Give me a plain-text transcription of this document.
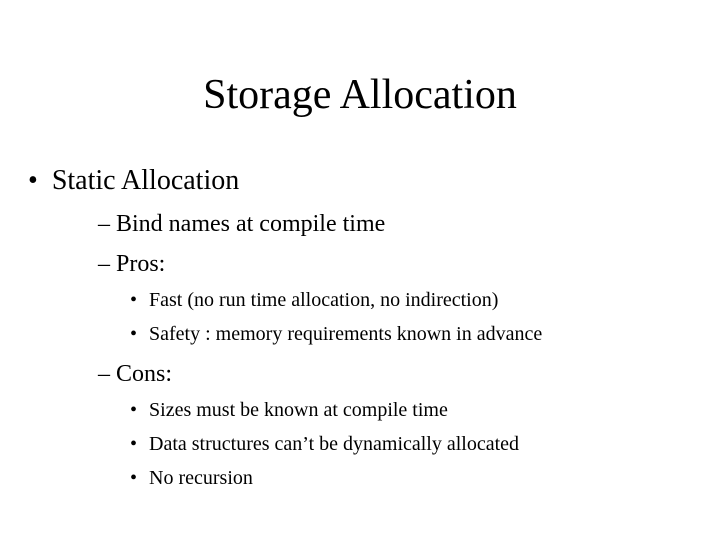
Storage Allocation
• Static Allocation
– Bind names at compile time
– Pros:
• Fast (no run time allocation, no indirection)
• Safety : memory requirements known in advance
– Cons:
• Sizes must be known at compile time
• Data structures can’t be dynamically allocated
• No recursion
